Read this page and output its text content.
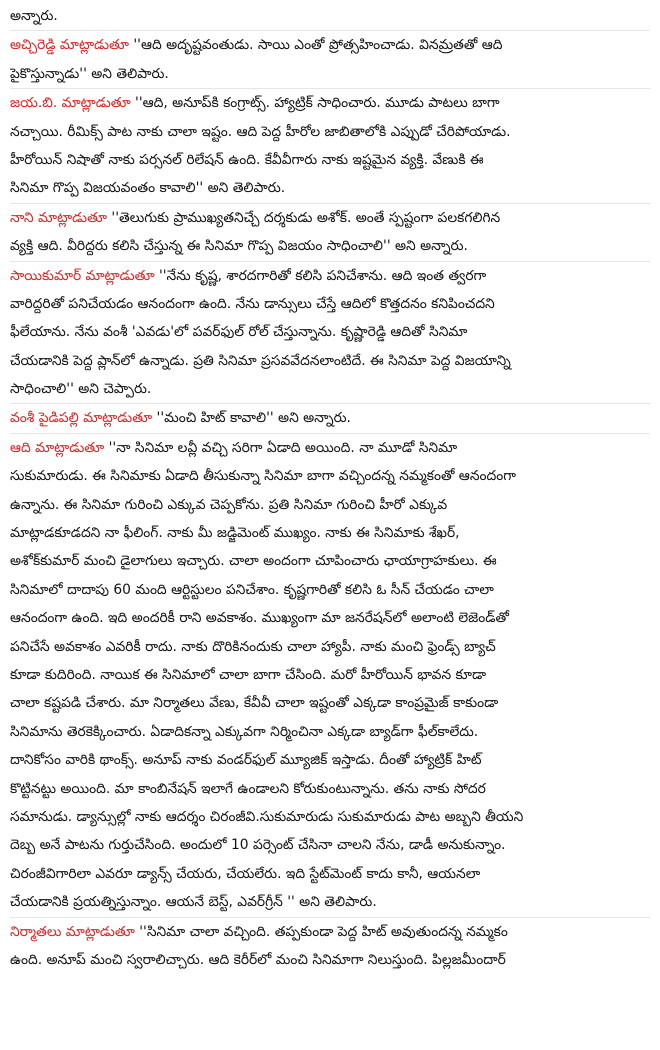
అన్నారు.
అచ్చిరెడ్డి మాట్లాడుతూ ''ఆది అదృష్టవంతుడు. సాయి ఎంతో ప్రోత్సహించాడు. వినమ్రతతో ఆది
పైకొస్తున్నాడు'' అని తెలిపారు.
జయ.బి. మాట్లాడుతూ ''ఆది, అనూప్‌కి కంగ్రాట్స్‌. హ్యాట్రిక్‌ సాధించారు. మూడు పాటలు బాగా
నచ్చాయి. రీమిక్స్‌ పాట నాకు చాలా ఇష్టం. ఆది పెద్ద హీరోల జాబితాలోకి ఎప్పుడో చేరిపోయాడు.
హీరోయిన్‌ నిషాతో నాకు పర్సనల్‌ రిలేషన్‌ ఉంది. కేవీవీగారు నాకు ఇష్టమైన వ్యక్తి. వేణుకి ఈ
సినిమా గొప్ప విజయవంతం కావాలి'' అని తెలిపారు.
నాని మాట్లాడుతూ ''తెలుగుకు ప్రాముఖ్యతనిచ్చే దర్శకుడు అశోక్‌. అంతే స్పష్టంగా పలకగలిగిన
వ్యక్తి ఆది. వీరిద్దరు కలిసి చేస్తున్న ఈ సినిమా గొప్ప విజయం సాధించాలి'' అని అన్నారు.
సాయికుమార్‌ మాట్లాడుతూ ''నేను కృష్ణ, శారదగారితో కలిసి పనిచేశాను. ఆది ఇంత త్వరగా
వారిద్దరితో పనిచేయడం ఆనందంగా ఉంది. నేను డాన్సులు చేస్తే ఆదిలో కొత్తదనం కనిపించదని
ఫీలేయాను. నేను వంశీ 'ఎవడు'లో పవర్‌ఫుల్‌ రోల్‌ చేస్తున్నాను. కృష్ణారెడ్డి ఆదితో సినిమా
చేయడానికి పెద్ద ప్లాన్‌లో ఉన్నాడు. ప్రతి సినిమా ప్రసవవేదనలాంటిదే. ఈ సినిమా పెద్ద విజయాన్ని
సాధించాలి'' అని చెప్పారు.
వంశీ పైడిపల్లి మాట్లాడుతూ ''మంచి హిట్‌ కావాలి'' అని అన్నారు.
ఆది మాట్లాడుతూ ''నా సినిమా లవ్లీ వచ్చి సరిగా ఏడాది అయింది. నా మూడో సినిమా
సుకుమారుడు. ఈ సినిమాకు ఏడాది తీసుకున్నా సినిమా బాగా వచ్చిందన్న నమ్మకంతో ఆనందంగా
ఉన్నాను. ఈ సినిమా గురించి ఎక్కువ చెప్పకోను. ప్రతి సినిమా గురించి హీరో ఎక్కువ
మాట్లాడకూడదని నా ఫీలింగ్‌. నాకు మీ జడ్జిమెంట్‌ ముఖ్యం. నాకు ఈ సినిమాకు శేఖర్‌,
అశోక్‌కుమార్‌ మంచి డైలాగులు ఇచ్చారు. చాలా అందంగా చూపించారు ఛాయాగ్రాహకులు. ఈ
సినిమాలో దాదాపు 60 మంది ఆర్టిస్టులం పనిచేశాం. కృష్ణగారితో కలిసి ఓ సీన్‌ చేయడం చాలా
ఆనందంగా ఉంది. ఇది అందరికీ రాని అవకాశం. ముఖ్యంగా మా జనరేషన్‌లో అలాంటి లెజెండ్‌తో
పనిచేసే అవకాశం ఎవరికీ రాదు. నాకు దొరికినందుకు చాలా హ్యాపీ. నాకు మంచి ఫ్రెండ్స్‌ బ్యాచ్‌
కూడా కుదిరింది. నాయిక ఈ సినిమాలో చాలా బాగా చేసింది. మరో హీరోయిన్‌ భావన కూడా
చాలా కష్టపడి చేశారు. మా నిర్మాతలు వేణు, కేవీవీ చాలా ఇష్టంతో ఎక్కడా కాంప్రమైజ్‌ కాకుండా
సినిమాను తెరకెక్కించారు. ఏడాదికన్నా ఎక్కువగా నిర్మించినా ఎక్కడా బ్యాడ్‌గా ఫీల్‌కాలేదు.
దానికోసం వారికి థాంక్స్‌. అనూప్‌ నాకు వండర్‌ఫుల్‌ మ్యూజిక్‌ ఇస్తాడు. దీంతో హ్యాట్రిక్‌ హిట్‌
కొట్టినట్టు అయింది. మా కాంబినేషన్‌ ఇలాగే ఉండాలని కోరుకుంటున్నాను. తను నాకు సోదర
సమానుడు. డ్యాన్సుల్లో నాకు ఆదర్శం చిరంజీవి.సుకుమారుడు సుకుమారుడు పాట అబ్బని తీయని
దెబ్బ అనే పాటను గుర్తుచేసింది. అందులో 10 పర్సెంట్‌ చేసినా చాలని నేను, డాడీ అనుకున్నాం.
చిరంజీవిగారిలా ఎవరూ డ్యాన్స్‌ చేయరు, చేయలేరు. ఇది స్టేట్‌మెంట్‌ కాదు కానీ, ఆయనలా
చేయడానికి ప్రయత్నిస్తున్నాం. ఆయనే బెస్ట్‌, ఎవర్‌గ్రీన్‌ '' అని తెలిపారు.
నిర్మాతలు మాట్లాడుతూ ''సినిమా చాలా వచ్చింది. తప్పకుండా పెద్ద హిట్‌ అవుతుందన్న నమ్మకం
ఉంది. అనూప్‌ మంచి స్వరాలిచ్చారు. ఆది కెరీర్‌లో మంచి సినిమాగా నిలుస్తుంది. పిల్లజమీందార్‌
